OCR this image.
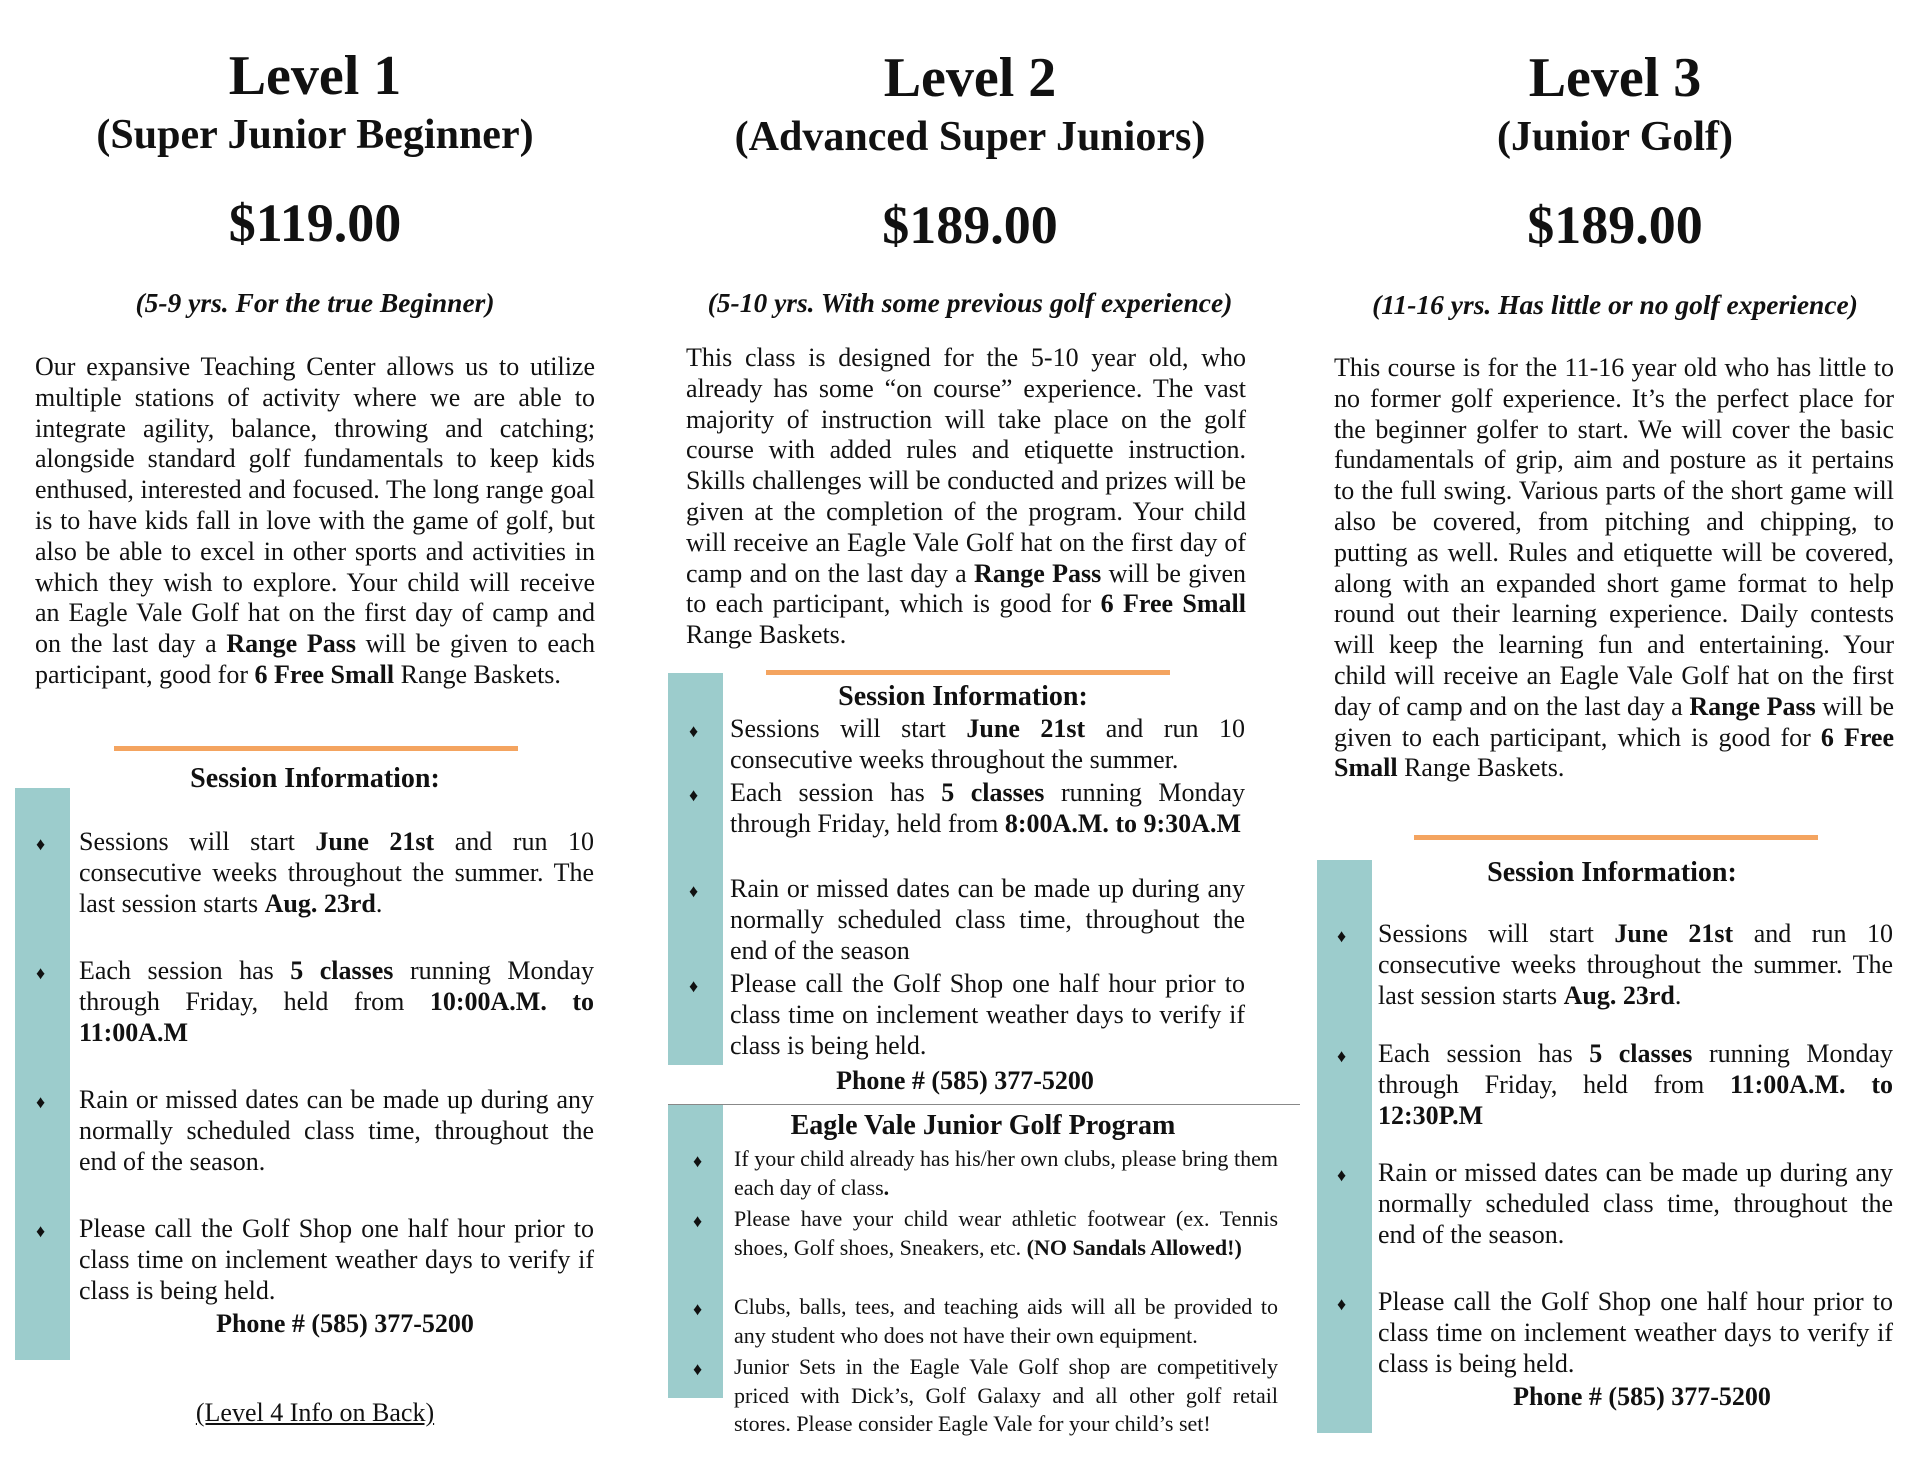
Level 1
(Super Junior Beginner)
$119.00
(5-9 yrs. For the true Beginner)
Our expansive Teaching Center allows us to utilize multiple stations of activity where we are able to integrate agility, balance, throwing and catching; alongside standard golf fundamentals to keep kids enthused, interested and focused. The long range goal is to have kids fall in love with the game of golf, but also be able to excel in other sports and activities in which they wish to explore. Your child will receive an Eagle Vale Golf hat on the first day of camp and on the last day a Range Pass will be given to each participant, good for 6 Free Small Range Baskets.
Session Information:
♦ Sessions will start June 21st and run 10 consecutive weeks throughout the summer. The last session starts Aug. 23rd.
♦ Each session has 5 classes running Monday through Friday, held from 10:00A.M. to 11:00A.M
♦ Rain or missed dates can be made up during any normally scheduled class time, throughout the end of the season.
♦ Please call the Golf Shop one half hour prior to class time on inclement weather days to verify if class is being held.
Phone # (585) 377-5200
(Level 4 Info on Back)
Level 2
(Advanced Super Juniors)
$189.00
(5-10 yrs. With some previous golf experience)
This class is designed for the 5-10 year old, who already has some “on course” experience. The vast majority of instruction will take place on the golf course with added rules and etiquette instruction. Skills challenges will be conducted and prizes will be given at the completion of the program. Your child will receive an Eagle Vale Golf hat on the first day of camp and on the last day a Range Pass will be given to each participant, which is good for 6 Free Small Range Baskets.
Session Information:
♦ Sessions will start June 21st and run 10 consecutive weeks throughout the summer.
♦ Each session has 5 classes running Monday through Friday, held from 8:00A.M. to 9:30A.M
♦ Rain or missed dates can be made up during any normally scheduled class time, throughout the end of the season
♦ Please call the Golf Shop one half hour prior to class time on inclement weather days to verify if class is being held.
Phone # (585) 377-5200
Eagle Vale Junior Golf Program
♦ If your child already has his/her own clubs, please bring them each day of class.
♦ Please have your child wear athletic footwear (ex. Tennis shoes, Golf shoes, Sneakers, etc. (NO Sandals Allowed!)
♦ Clubs, balls, tees, and teaching aids will all be provided to any student who does not have their own equipment.
♦ Junior Sets in the Eagle Vale Golf shop are competitively priced with Dick’s, Golf Galaxy and all other golf retail stores. Please consider Eagle Vale for your child’s set!
Level 3
(Junior Golf)
$189.00
(11-16 yrs. Has little or no golf experience)
This course is for the 11-16 year old who has little to no former golf experience. It’s the perfect place for the beginner golfer to start. We will cover the basic fundamentals of grip, aim and posture as it pertains to the full swing. Various parts of the short game will also be covered, from pitching and chipping, to putting as well. Rules and etiquette will be covered, along with an expanded short game format to help round out their learning experience. Daily contests will keep the learning fun and entertaining. Your child will receive an Eagle Vale Golf hat on the first day of camp and on the last day a Range Pass will be given to each participant, which is good for 6 Free Small Range Baskets.
Session Information:
♦ Sessions will start June 21st and run 10 consecutive weeks throughout the summer. The last session starts Aug. 23rd.
♦ Each session has 5 classes running Monday through Friday, held from 11:00A.M. to 12:30P.M
♦ Rain or missed dates can be made up during any normally scheduled class time, throughout the end of the season.
♦ Please call the Golf Shop one half hour prior to class time on inclement weather days to verify if class is being held.
Phone # (585) 377-5200
